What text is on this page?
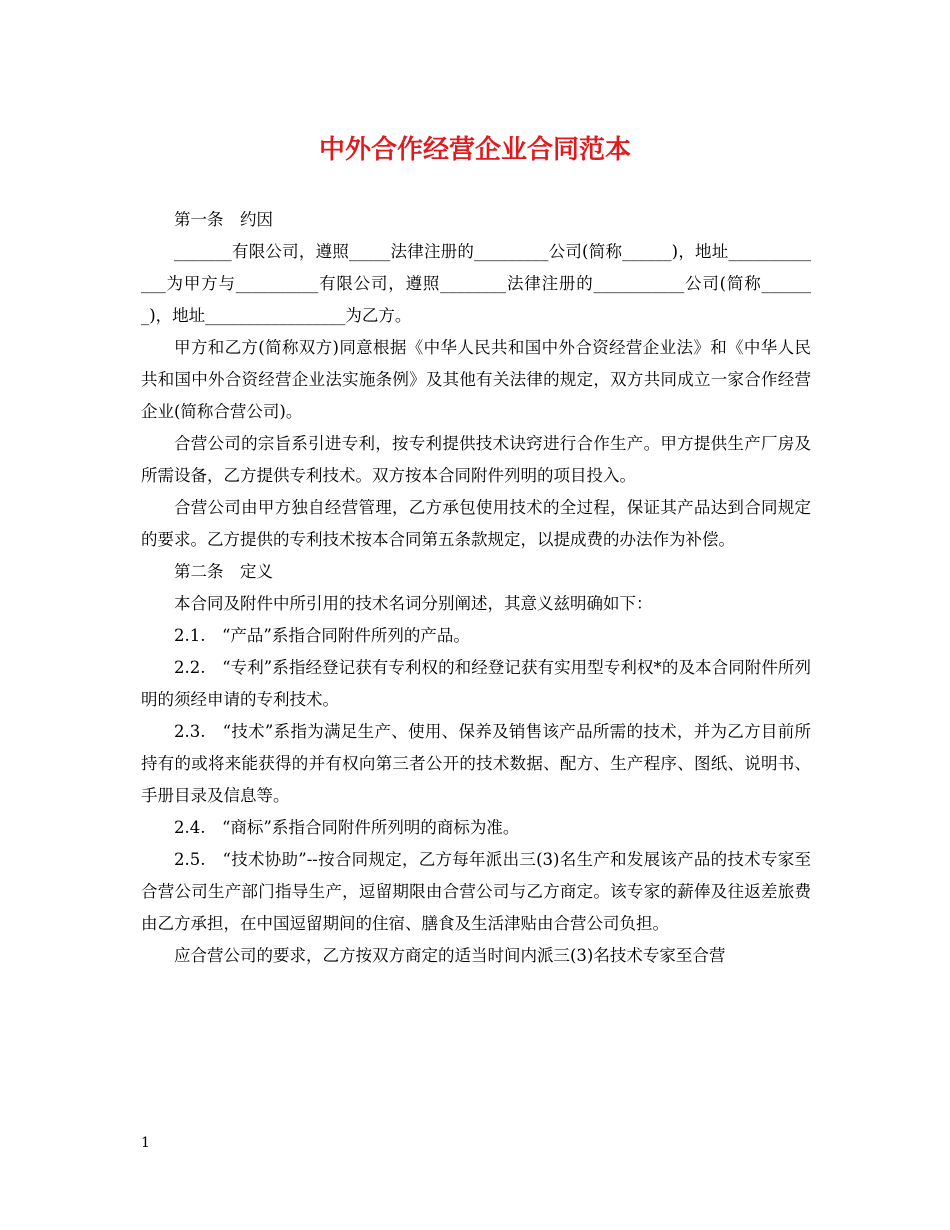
中外合作经营企业合同范本

第一条　约因

_______有限公司，遵照_____法律注册的_________公司(简称______)，地址_____________为甲方与__________有限公司，遵照________法律注册的___________公司(简称_______)，地址_________________为乙方。

甲方和乙方(简称双方)同意根据《中华人民共和国中外合资经营企业法》和《中华人民共和国中外合资经营企业法实施条例》及其他有关法律的规定，双方共同成立一家合作经营企业(简称合营公司)。

合营公司的宗旨系引进专利，按专利提供技术诀窍进行合作生产。甲方提供生产厂房及所需设备，乙方提供专利技术。双方按本合同附件列明的项目投入。

合营公司由甲方独自经营管理，乙方承包使用技术的全过程，保证其产品达到合同规定的要求。乙方提供的专利技术按本合同第五条款规定，以提成费的办法作为补偿。

第二条　定义

本合同及附件中所引用的技术名词分别阐述，其意义兹明确如下：

2.1.　“产品”系指合同附件所列的产品。

2.2.　“专利”系指经登记获有专利权的和经登记获有实用型专利权*的及本合同附件所列明的须经申请的专利技术。

2.3.　“技术”系指为满足生产、使用、保养及销售该产品所需的技术，并为乙方目前所持有的或将来能获得的并有权向第三者公开的技术数据、配方、生产程序、图纸、说明书、手册目录及信息等。

2.4.　“商标”系指合同附件所列明的商标为准。

2.5.　“技术协助”--按合同规定，乙方每年派出三(3)名生产和发展该产品的技术专家至合营公司生产部门指导生产，逗留期限由合营公司与乙方商定。该专家的薪俸及往返差旅费由乙方承担，在中国逗留期间的住宿、膳食及生活津贴由合营公司负担。

应合营公司的要求，乙方按双方商定的适当时间内派三(3)名技术专家至合营

1
